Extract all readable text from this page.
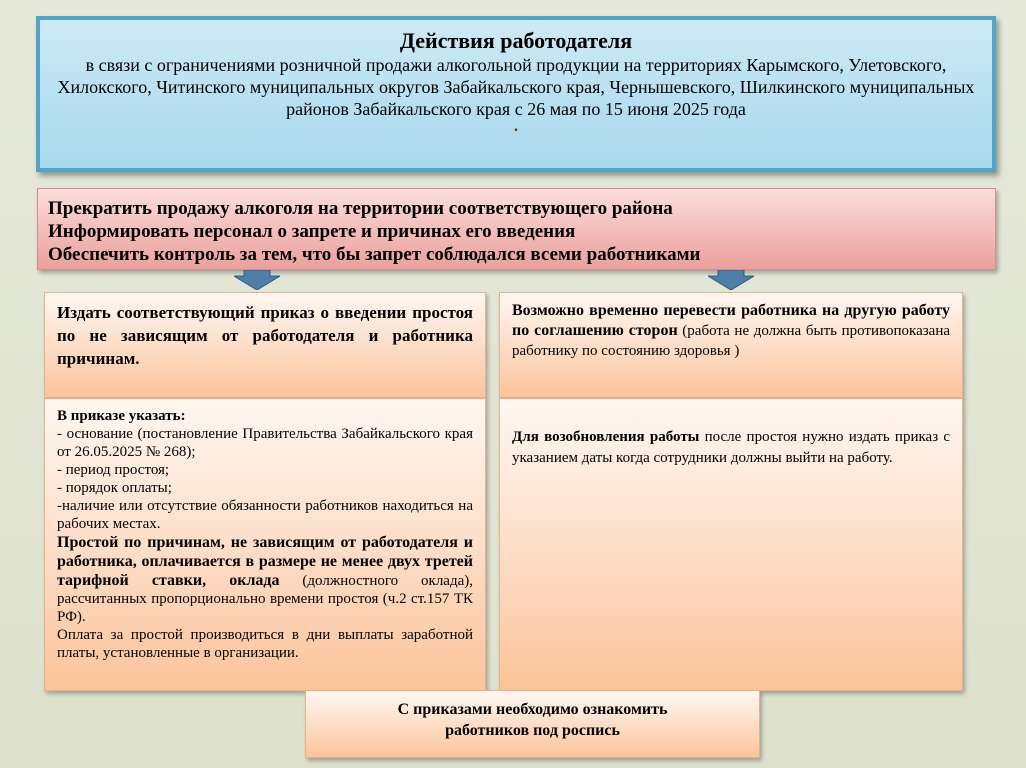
Действия работодателя
в связи с ограничениями розничной продажи алкогольной продукции на территориях Карымского, Улетовского, Хилокского, Читинского муниципальных округов Забайкальского края, Чернышевского, Шилкинского муниципальных районов Забайкальского края с 26 мая по 15 июня 2025 года
.
Прекратить продажу алкоголя на территории соответствующего района
Информировать персонал о запрете и причинах его введения
Обеспечить контроль за тем, что бы запрет соблюдался всеми работниками
Издать соответствующий приказ о введении простоя по не зависящим от работодателя и работника причинам.
Возможно временно перевести работника на другую работу по соглашению сторон (работа не должна быть противопоказана работнику по состоянию здоровья )
В приказе указать:
- основание (постановление Правительства Забайкальского края от 26.05.2025 № 268);
- период простоя;
- порядок оплаты;
-наличие или отсутствие обязанности работников находиться на рабочих местах.
Простой по причинам, не зависящим от работодателя и работника, оплачивается в размере не менее двух третей тарифной ставки, оклада (должностного оклада), рассчитанных пропорционально времени простоя (ч.2 ст.157 ТК РФ).
Оплата за простой производиться в дни выплаты заработной платы, установленные в организации.
Для возобновления работы после простоя нужно издать приказ с указанием даты когда сотрудники должны выйти на работу.
С приказами необходимо ознакомить
работников под роспись
